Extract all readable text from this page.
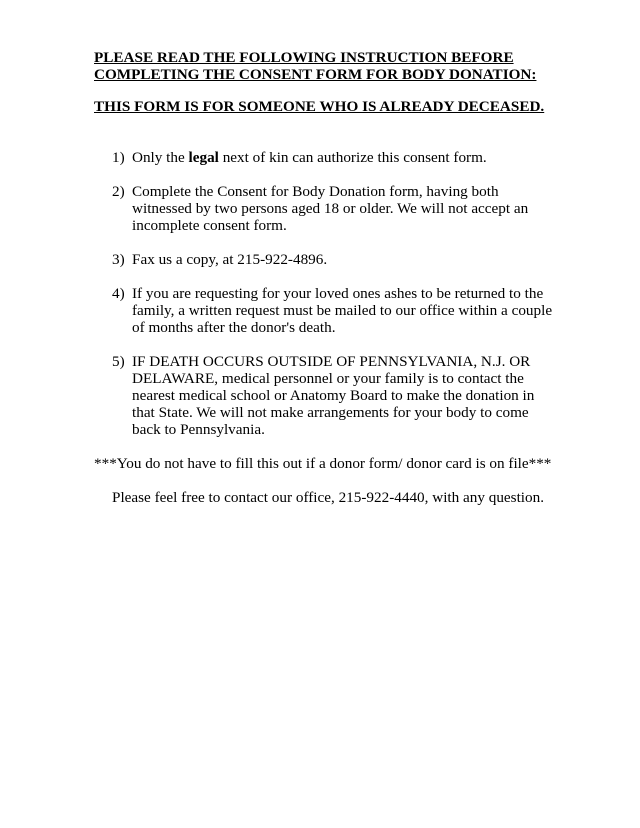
PLEASE READ THE FOLLOWING INSTRUCTION BEFORE
COMPLETING THE CONSENT FORM FOR BODY DONATION:
THIS FORM IS FOR SOMEONE WHO IS ALREADY DECEASED.
1) Only the legal next of kin can authorize this consent form.
2) Complete the Consent for Body Donation form, having both
witnessed by two persons aged 18 or older. We will not accept an
incomplete consent form.
3) Fax us a copy, at 215-922-4896.
4) If you are requesting for your loved ones ashes to be returned to the
family, a written request must be mailed to our office within a couple
of months after the donor's death.
5) IF DEATH OCCURS OUTSIDE OF PENNSYLVANIA, N.J. OR
DELAWARE, medical personnel or your family is to contact the
nearest medical school or Anatomy Board to make the donation in
that State. We will not make arrangements for your body to come
back to Pennsylvania.
***You do not have to fill this out if a donor form/ donor card is on file***
Please feel free to contact our office, 215-922-4440, with any question.
